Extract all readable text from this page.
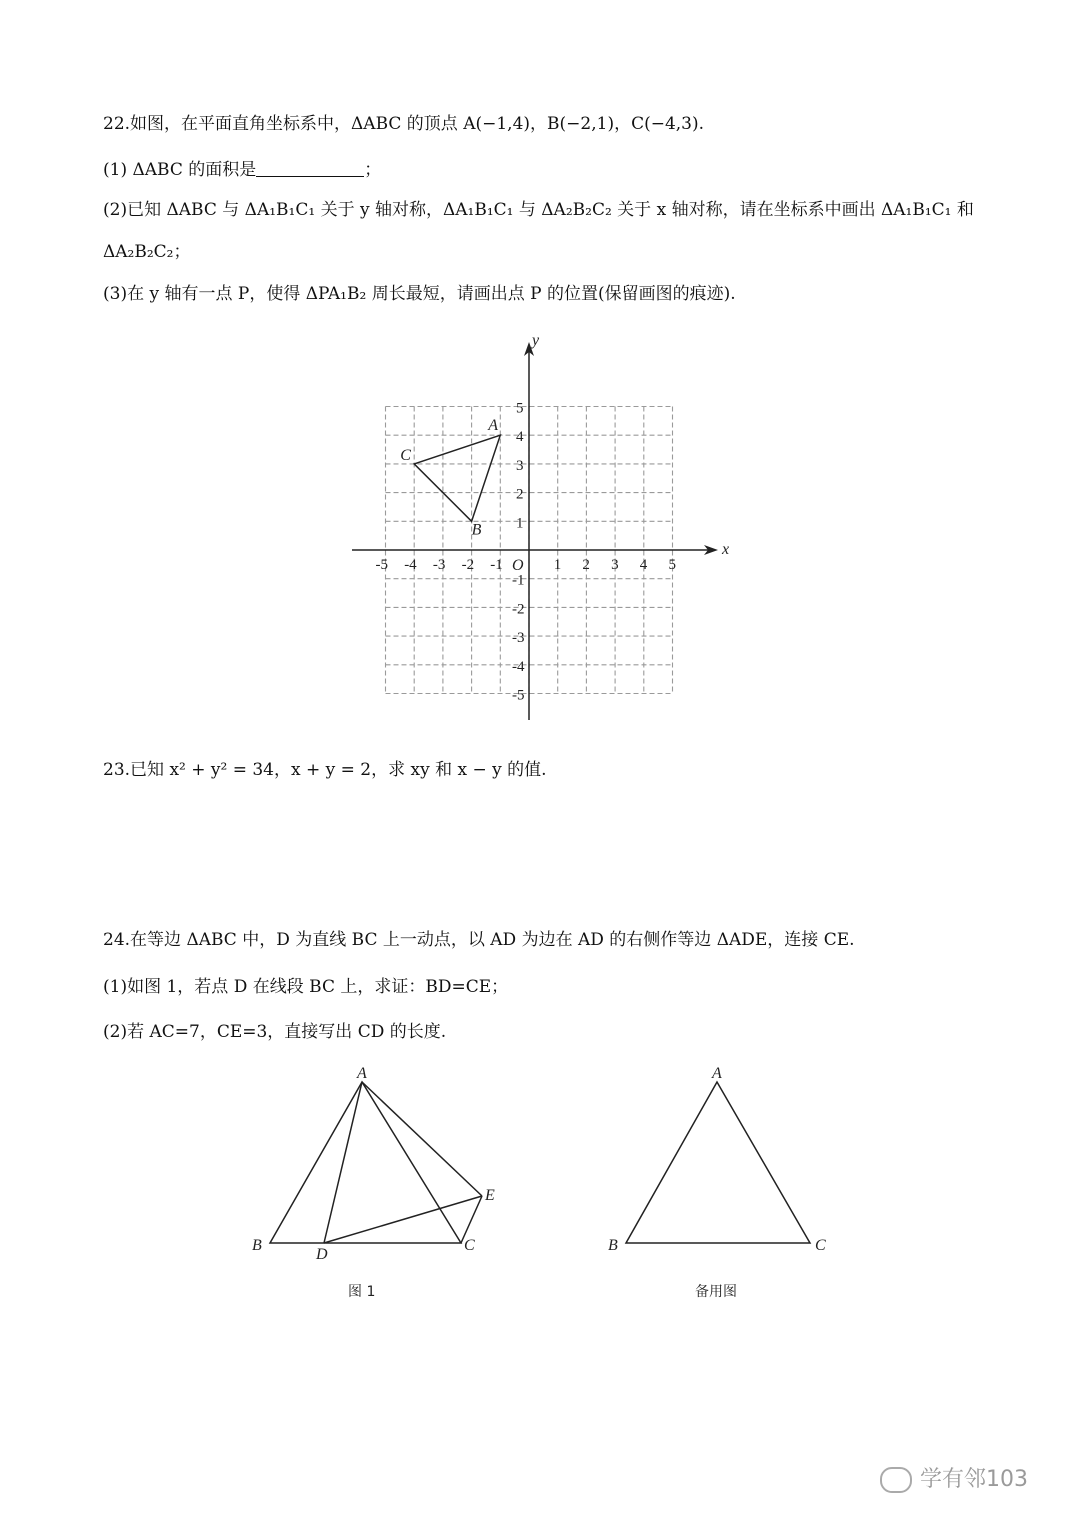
22.如图，在平面直角坐标系中，ΔABC 的顶点 A(−1,4)，B(−2,1)，C(−4,3).
(1) ΔABC 的面积是	；
(2)已知 ΔABC 与 ΔA₁B₁C₁ 关于 y 轴对称，ΔA₁B₁C₁ 与 ΔA₂B₂C₂ 关于 x 轴对称，请在坐标系中画出 ΔA₁B₁C₁ 和
ΔA₂B₂C₂；
(3)在 y 轴有一点 P，使得 ΔPA₁B₂ 周长最短，请画出点 P 的位置(保留画图的痕迹).
x
y
O
-5 -4 -3 -2 -1	1 2 3 4 5
5
4
3
2
1
-1
-2
-3
-4
-5
A
B
C
23.已知 x² + y² = 34，x + y = 2，求 xy 和 x − y 的值.
24.在等边 ΔABC 中，D 为直线 BC 上一动点，以 AD 为边在 AD 的右侧作等边 ΔADE，连接 CE.
(1)如图 1，若点 D 在线段 BC 上，求证：BD=CE；
(2)若 AC=7，CE=3，直接写出 CD 的长度.
A
B	C
D
E
图 1
A
B	C
备用图
学有邻103
